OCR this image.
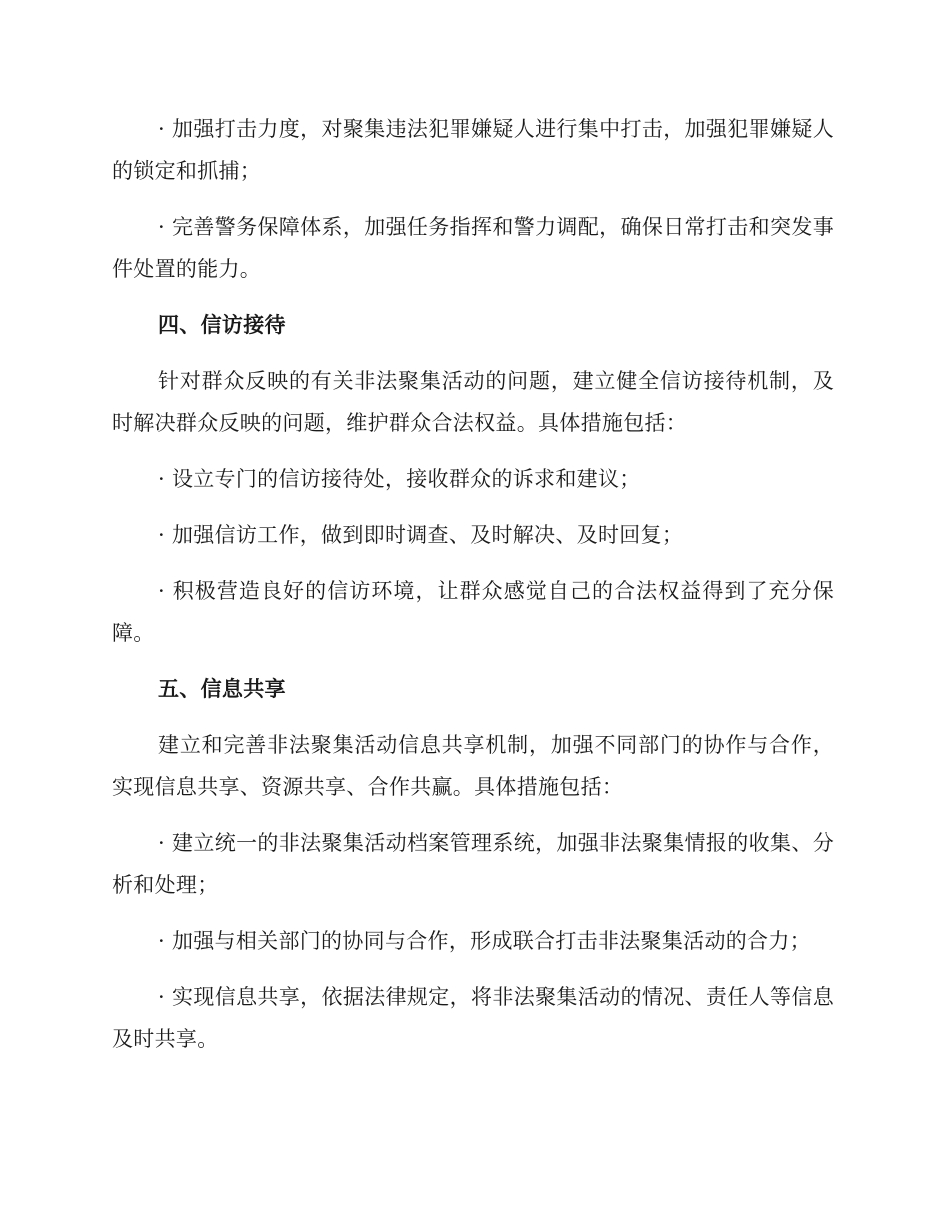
· 加强打击力度，对聚集违法犯罪嫌疑人进行集中打击，加强犯罪嫌疑人的锁定和抓捕；

· 完善警务保障体系，加强任务指挥和警力调配，确保日常打击和突发事件处置的能力。

四、信访接待

针对群众反映的有关非法聚集活动的问题，建立健全信访接待机制，及时解决群众反映的问题，维护群众合法权益。具体措施包括：

· 设立专门的信访接待处，接收群众的诉求和建议；

· 加强信访工作，做到即时调查、及时解决、及时回复；

· 积极营造良好的信访环境，让群众感觉自己的合法权益得到了充分保障。

五、信息共享

建立和完善非法聚集活动信息共享机制，加强不同部门的协作与合作，实现信息共享、资源共享、合作共赢。具体措施包括：

· 建立统一的非法聚集活动档案管理系统，加强非法聚集情报的收集、分析和处理；

· 加强与相关部门的协同与合作，形成联合打击非法聚集活动的合力；

· 实现信息共享，依据法律规定，将非法聚集活动的情况、责任人等信息及时共享。
